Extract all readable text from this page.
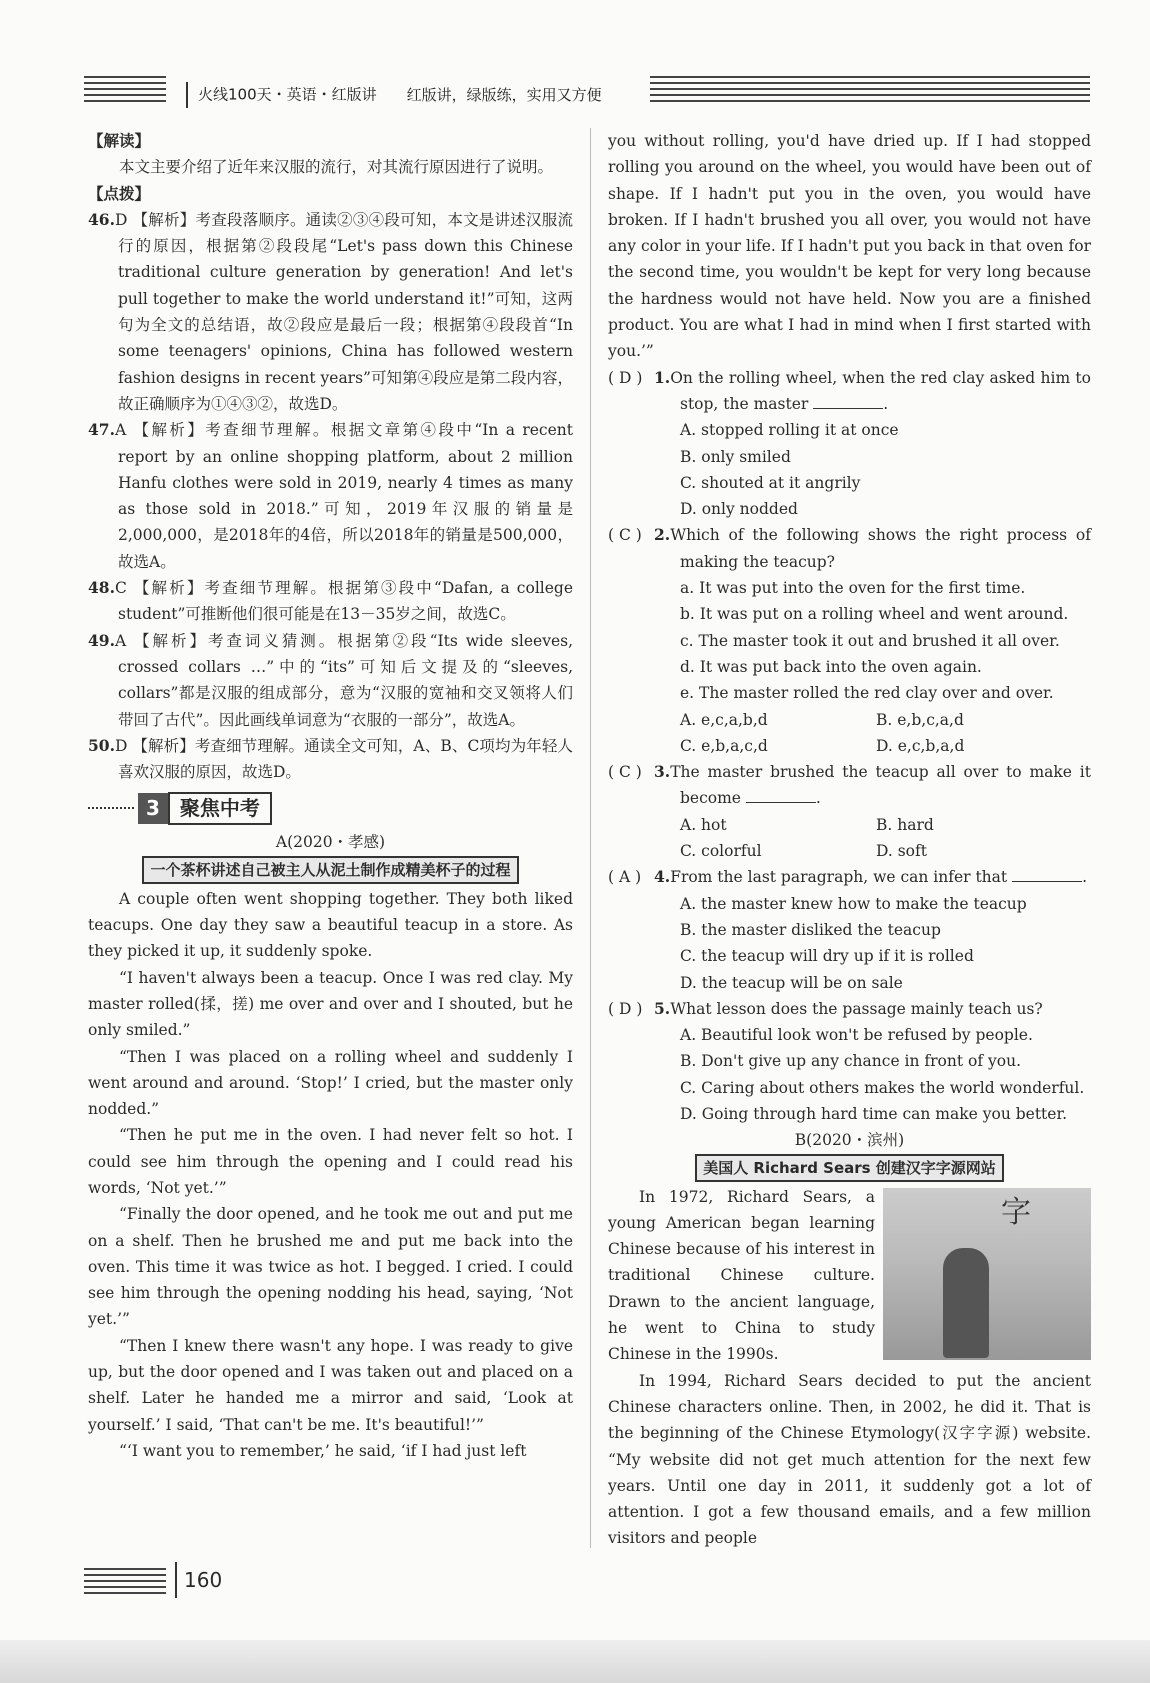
火线100天・英语・红版讲 红版讲，绿版练，实用又方便

【解读】

本文主要介绍了近年来汉服的流行，对其流行原因进行了说明。

【点拨】

46.D 【解析】考查段落顺序。通读②③④段可知，本文是讲述汉服流行的原因，根据第②段段尾“Let's pass down this Chinese traditional culture generation by generation! And let's pull together to make the world understand it!”可知，这两句为全文的总结语，故②段应是最后一段；根据第④段段首“In some teenagers' opinions, China has followed western fashion designs in recent years”可知第④段应是第二段内容，故正确顺序为①④③②，故选D。

47.A 【解析】考查细节理解。根据文章第④段中“In a recent report by an online shopping platform, about 2 million Hanfu clothes were sold in 2019, nearly 4 times as many as those sold in 2018.”可知，2019年汉服的销量是2,000,000，是2018年的4倍，所以2018年的销量是500,000，故选A。

48.C 【解析】考查细节理解。根据第③段中“Dafan, a college student”可推断他们很可能是在13－35岁之间，故选C。

49.A 【解析】考查词义猜测。根据第②段“Its wide sleeves, crossed collars …”中的“its”可知后文提及的“sleeves, collars”都是汉服的组成部分，意为“汉服的宽袖和交叉领将人们带回了古代”。因此画线单词意为“衣服的一部分”，故选A。

50.D 【解析】考查细节理解。通读全文可知，A、B、C项均为年轻人喜欢汉服的原因，故选D。

3	聚焦中考

A(2020・孝感)

一个茶杯讲述自己被主人从泥土制作成精美杯子的过程

A couple often went shopping together. They both liked teacups. One day they saw a beautiful teacup in a store. As they picked it up, it suddenly spoke.

“I haven't always been a teacup. Once I was red clay. My master rolled(揉，搓) me over and over and I shouted, but he only smiled.”

“Then I was placed on a rolling wheel and suddenly I went around and around. ‘Stop!’ I cried, but the master only nodded.”

“Then he put me in the oven. I had never felt so hot. I could see him through the opening and I could read his words, ‘Not yet.’”

“Finally the door opened, and he took me out and put me on a shelf. Then he brushed me and put me back into the oven. This time it was twice as hot. I begged. I cried. I could see him through the opening nodding his head, saying, ‘Not yet.’”

“Then I knew there wasn't any hope. I was ready to give up, but the door opened and I was taken out and placed on a shelf. Later he handed me a mirror and said, ‘Look at yourself.’ I said, ‘That can't be me. It's beautiful!’”

“‘I want you to remember,’ he said, ‘if I had just left

you without rolling, you'd have dried up. If I had stopped rolling you around on the wheel, you would have been out of shape. If I hadn't put you in the oven, you would have broken. If I hadn't brushed you all over, you would not have any color in your life. If I hadn't put you back in that oven for the second time, you wouldn't be kept for very long because the hardness would not have held. Now you are a finished product. You are what I had in mind when I first started with you.’”

( D ) 1.On the rolling wheel, when the red clay asked him to stop, the master	.

A. stopped rolling it at once

B. only smiled

C. shouted at it angrily

D. only nodded

( C ) 2.Which of the following shows the right process of making the teacup?

a. It was put into the oven for the first time.

b. It was put on a rolling wheel and went around.

c. The master took it out and brushed it all over.

d. It was put back into the oven again.

e. The master rolled the red clay over and over.

A. e,c,a,b,d	B. e,b,c,a,d
C. e,b,a,c,d	D. e,c,b,a,d

( C ) 3.The master brushed the teacup all over to make it become	.

A. hot	B. hard
C. colorful	D. soft

( A ) 4.From the last paragraph, we can infer that	.

A. the master knew how to make the teacup

B. the master disliked the teacup

C. the teacup will dry up if it is rolled

D. the teacup will be on sale

( D ) 5.What lesson does the passage mainly teach us?

A. Beautiful look won't be refused by people.

B. Don't give up any chance in front of you.

C. Caring about others makes the world wonderful.

D. Going through hard time can make you better.

B(2020・滨州)

美国人 Richard Sears 创建汉字字源网站

字

In 1972, Richard Sears, a young American began learning Chinese because of his interest in traditional Chinese culture. Drawn to the ancient language, he went to China to study Chinese in the 1990s.

In 1994, Richard Sears decided to put the ancient Chinese characters online. Then, in 2002, he did it. That is the beginning of the Chinese Etymology(汉字字源) website. “My website did not get much attention for the next few years. Until one day in 2011, it suddenly got a lot of attention. I got a few thousand emails, and a few million visitors and people

160
